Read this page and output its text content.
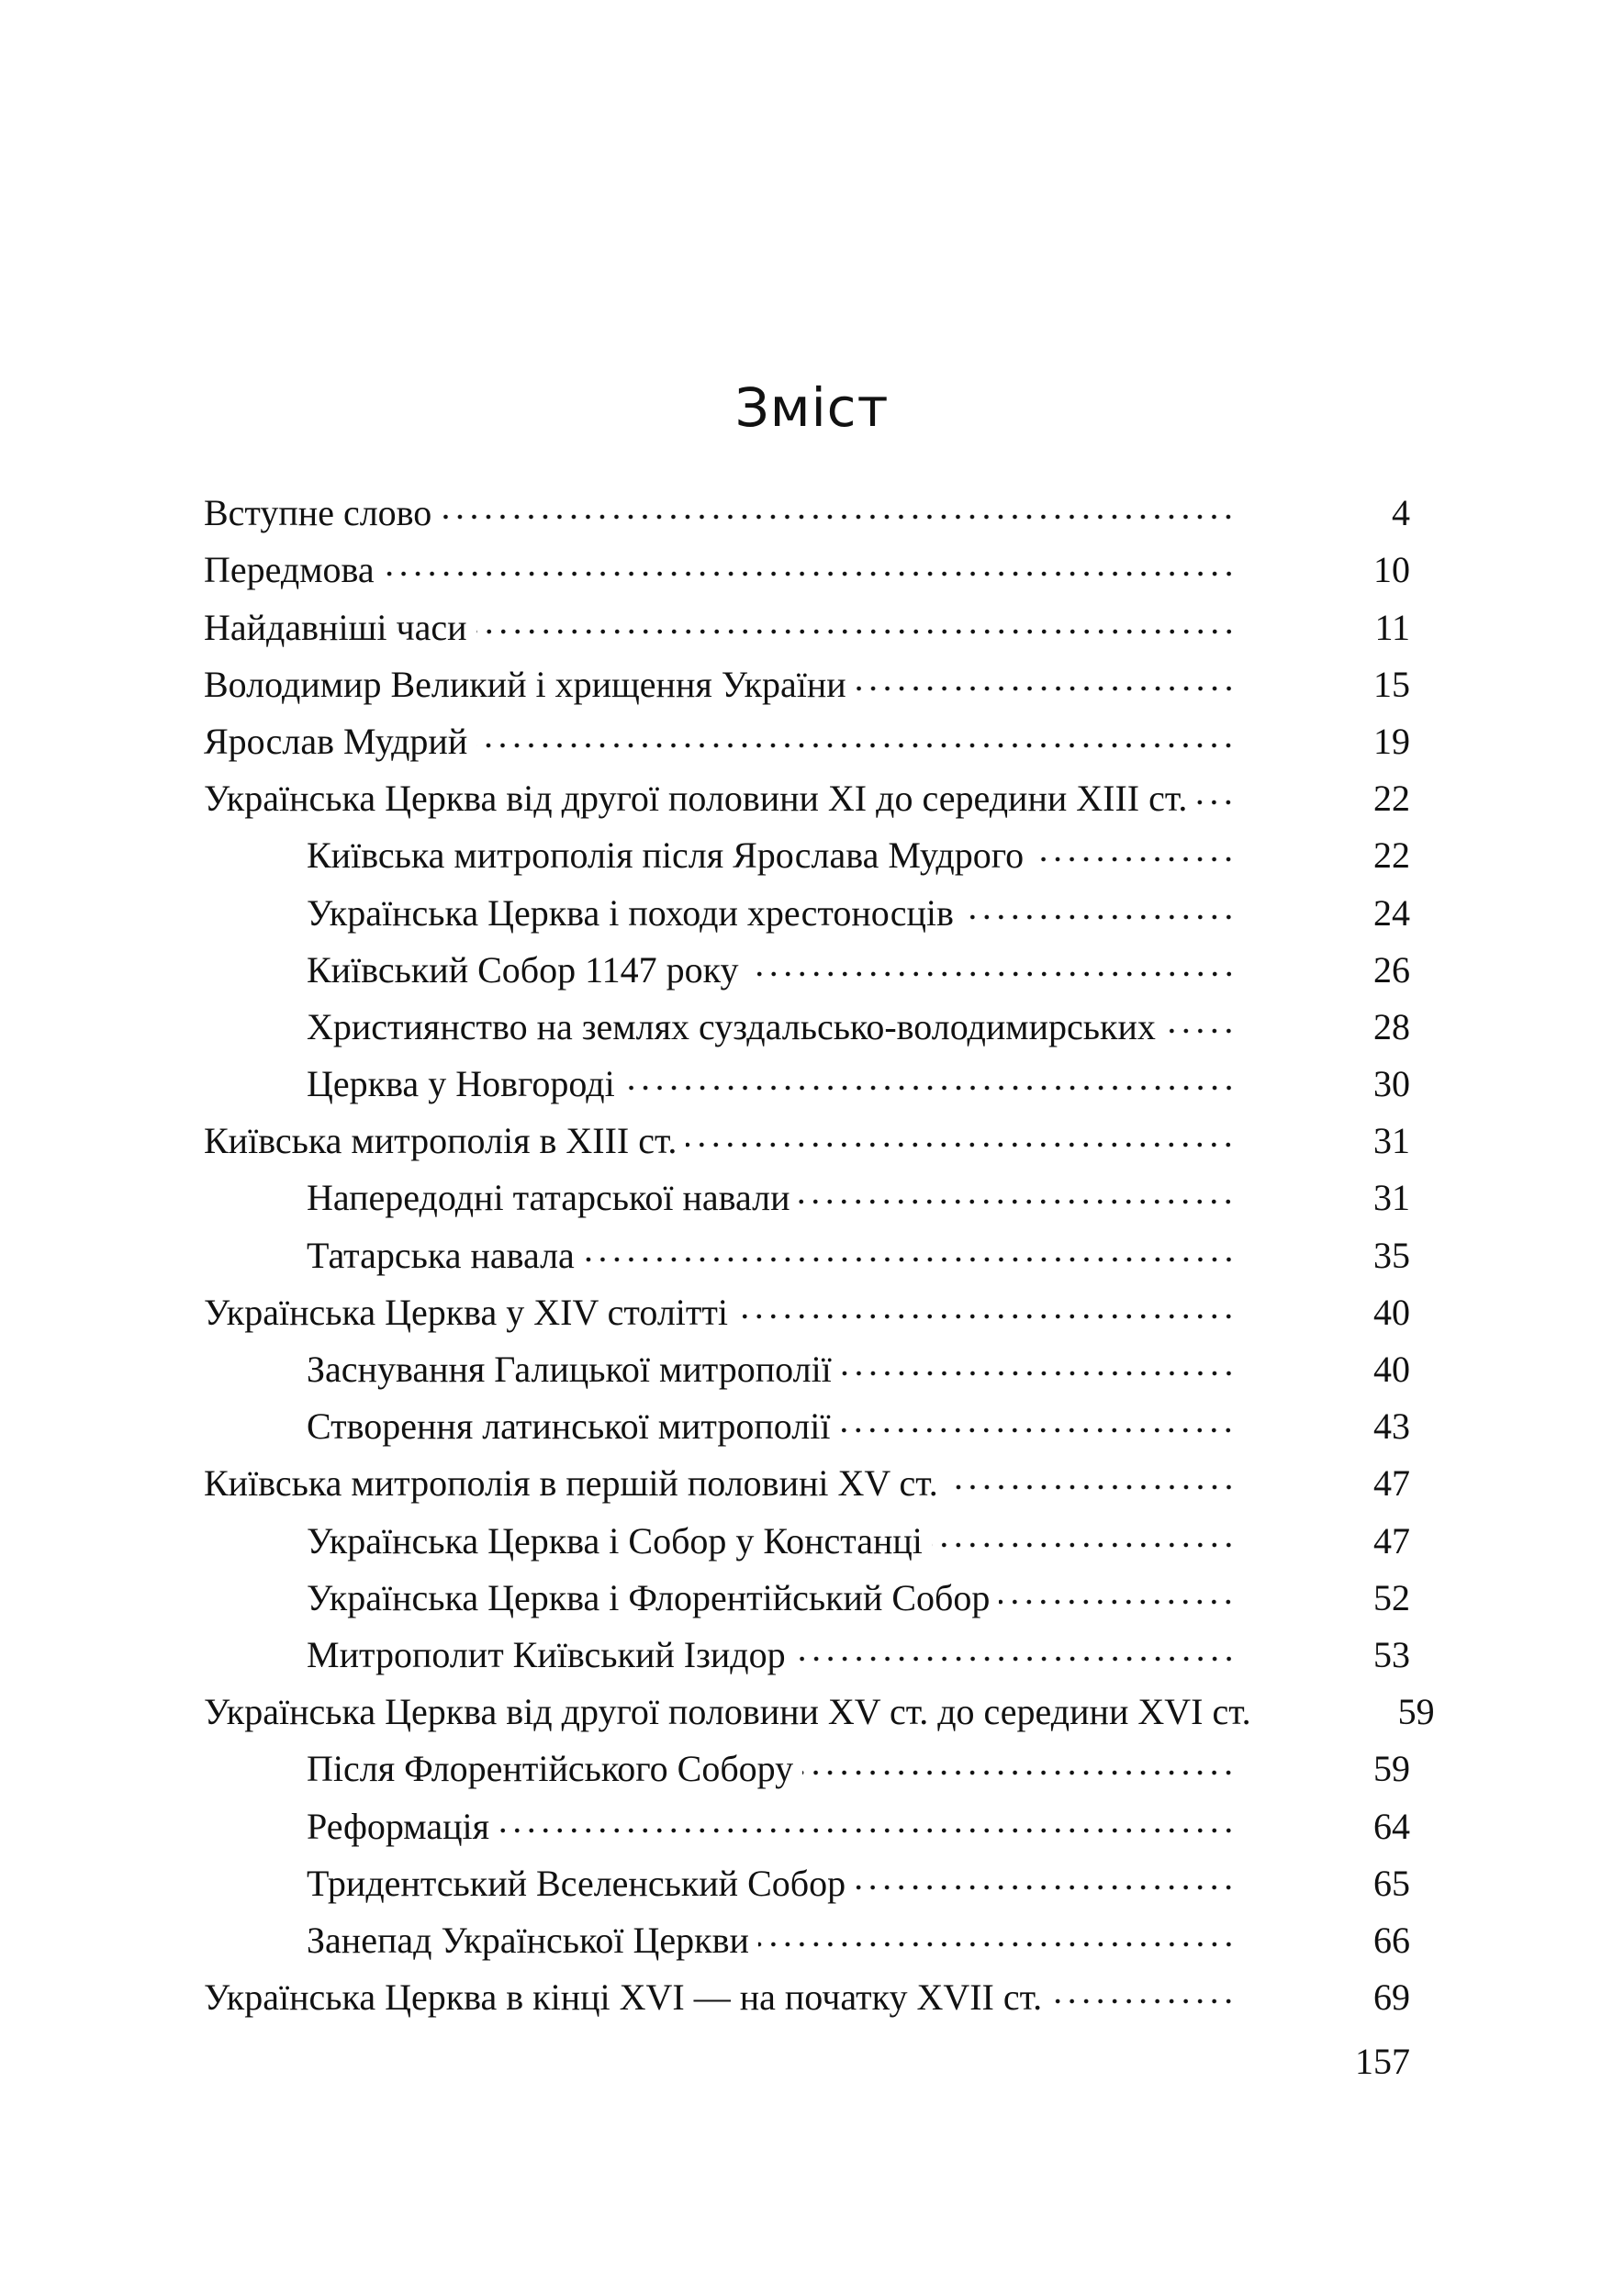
Зміст
Вступне слово	4
Передмова	10
Найдавніші часи	11
Володимир Великий і хрищення України	15
Ярослав Мудрий	19
Українська Церква від другої половини XI до середини XIII ст.	22
Київська митрополія після Ярослава Мудрого	22
Українська Церква і походи хрестоносців	24
Київський Собор 1147 року	26
Християнство на землях суздальсько-володимирських	28
Церква у Новгороді	30
Київська митрополія в XIII ст.	31
Напередодні татарської навали	31
Татарська навала	35
Українська Церква у XIV столітті	40
Заснування Галицької митрополії	40
Створення латинської митрополії	43
Київська митрополія в першій половині XV ст.	47
Українська Церква і Собор у Констанці	47
Українська Церква і Флорентійський Собор	52
Митрополит Київський Ізидор	53
Українська Церква від другої половини XV ст. до середини XVI ст.	59
Після Флорентійського Собору	59
Реформація	64
Тридентський Вселенський Собор	65
Занепад Української Церкви	66
Українська Церква в кінці XVI — на початку XVII ст.	69
157
